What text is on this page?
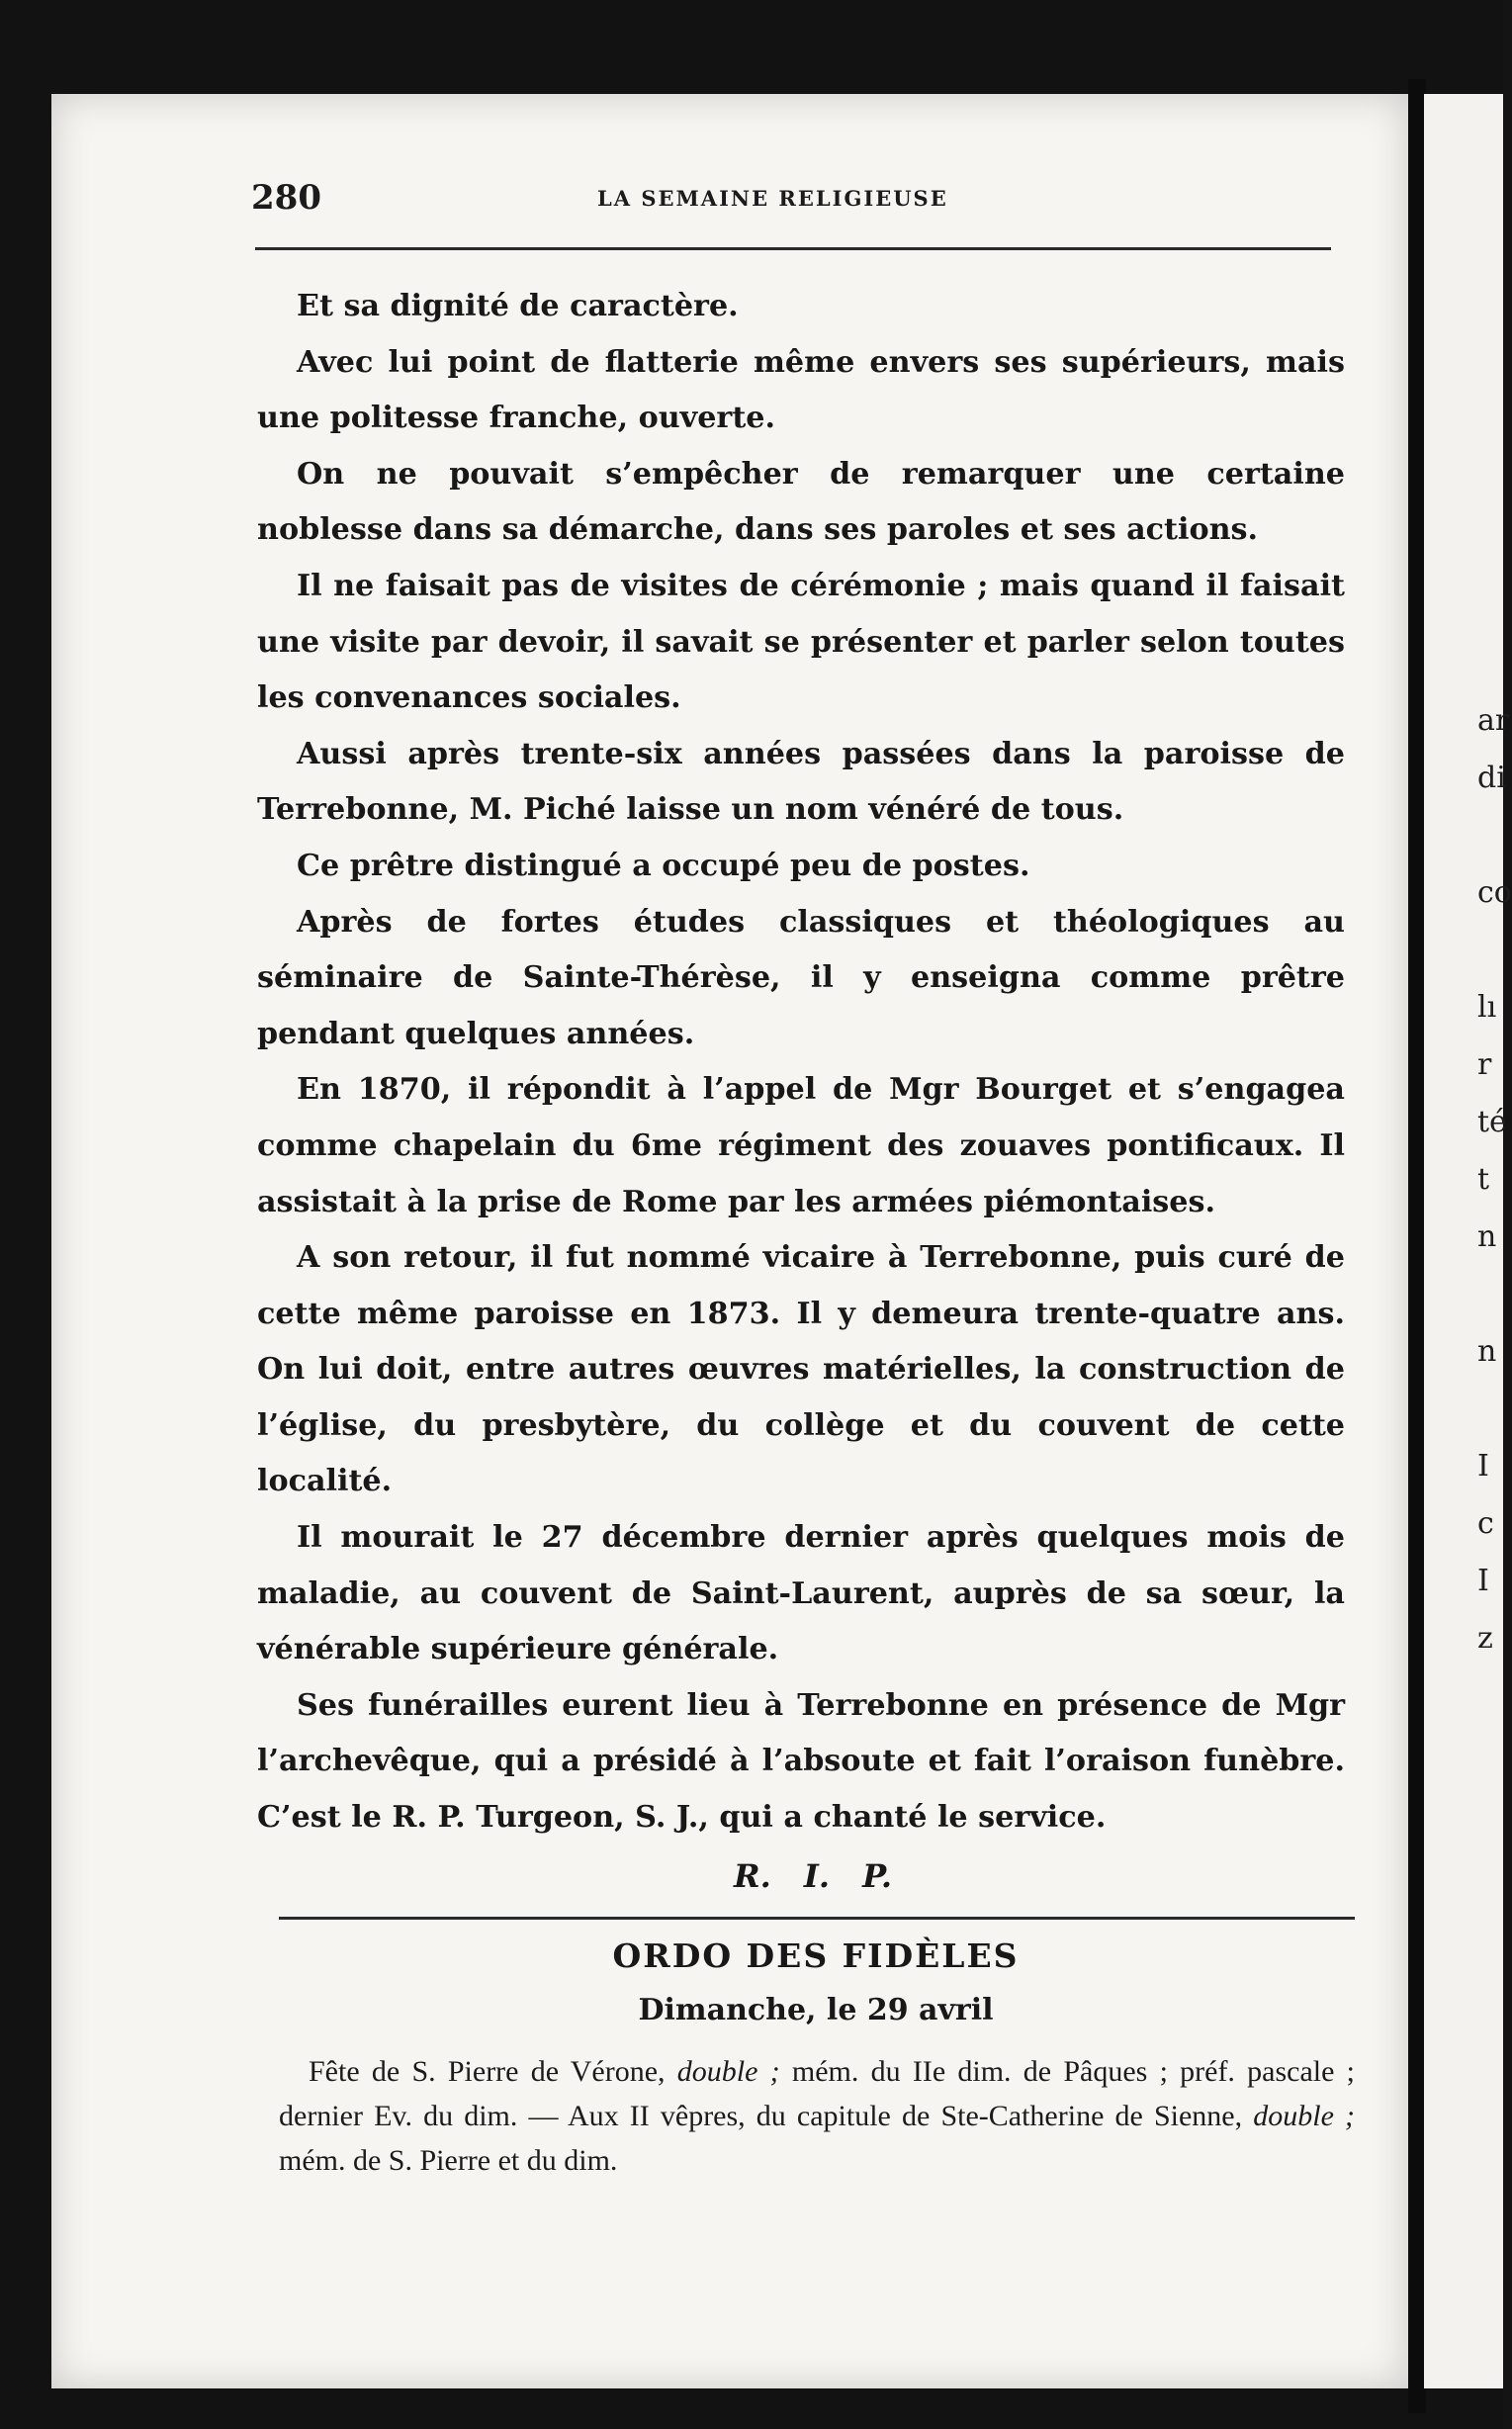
ar
di

co

lı
r
té
t
n

n

I
c
I
z
280	LA SEMAINE RELIGIEUSE

Et sa dignité de caractère.

Avec lui point de flatterie même envers ses supérieurs, mais une politesse franche, ouverte.

On ne pouvait s’empêcher de remarquer une certaine noblesse dans sa démarche, dans ses paroles et ses actions.

Il ne faisait pas de visites de cérémonie ; mais quand il faisait une visite par devoir, il savait se présenter et parler selon toutes les convenances sociales.

Aussi après trente-six années passées dans la paroisse de Terrebonne, M. Piché laisse un nom vénéré de tous.

Ce prêtre distingué a occupé peu de postes.

Après de fortes études classiques et théologiques au séminaire de Sainte-Thérèse, il y enseigna comme prêtre pendant quelques années.

En 1870, il répondit à l’appel de Mgr Bourget et s’engagea comme chapelain du 6me régiment des zouaves pontificaux. Il assistait à la prise de Rome par les armées piémontaises.

A son retour, il fut nommé vicaire à Terrebonne, puis curé de cette même paroisse en 1873. Il y demeura trente-quatre ans. On lui doit, entre autres œuvres matérielles, la construction de l’église, du presbytère, du collège et du couvent de cette localité.

Il mourait le 27 décembre dernier après quelques mois de maladie, au couvent de Saint-Laurent, auprès de sa sœur, la vénérable supérieure générale.

Ses funérailles eurent lieu à Terrebonne en présence de Mgr l’archevêque, qui a présidé à l’absoute et fait l’oraison funèbre. C’est le R. P. Turgeon, S. J., qui a chanté le service.

R. I. P.
ORDO DES FIDÈLES
Dimanche, le 29 avril

Fête de S. Pierre de Vérone, double ; mém. du IIe dim. de Pâques ; préf. pascale ; dernier Ev. du dim. — Aux II vêpres, du capitule de Ste-Catherine de Sienne, double ; mém. de S. Pierre et du dim.
